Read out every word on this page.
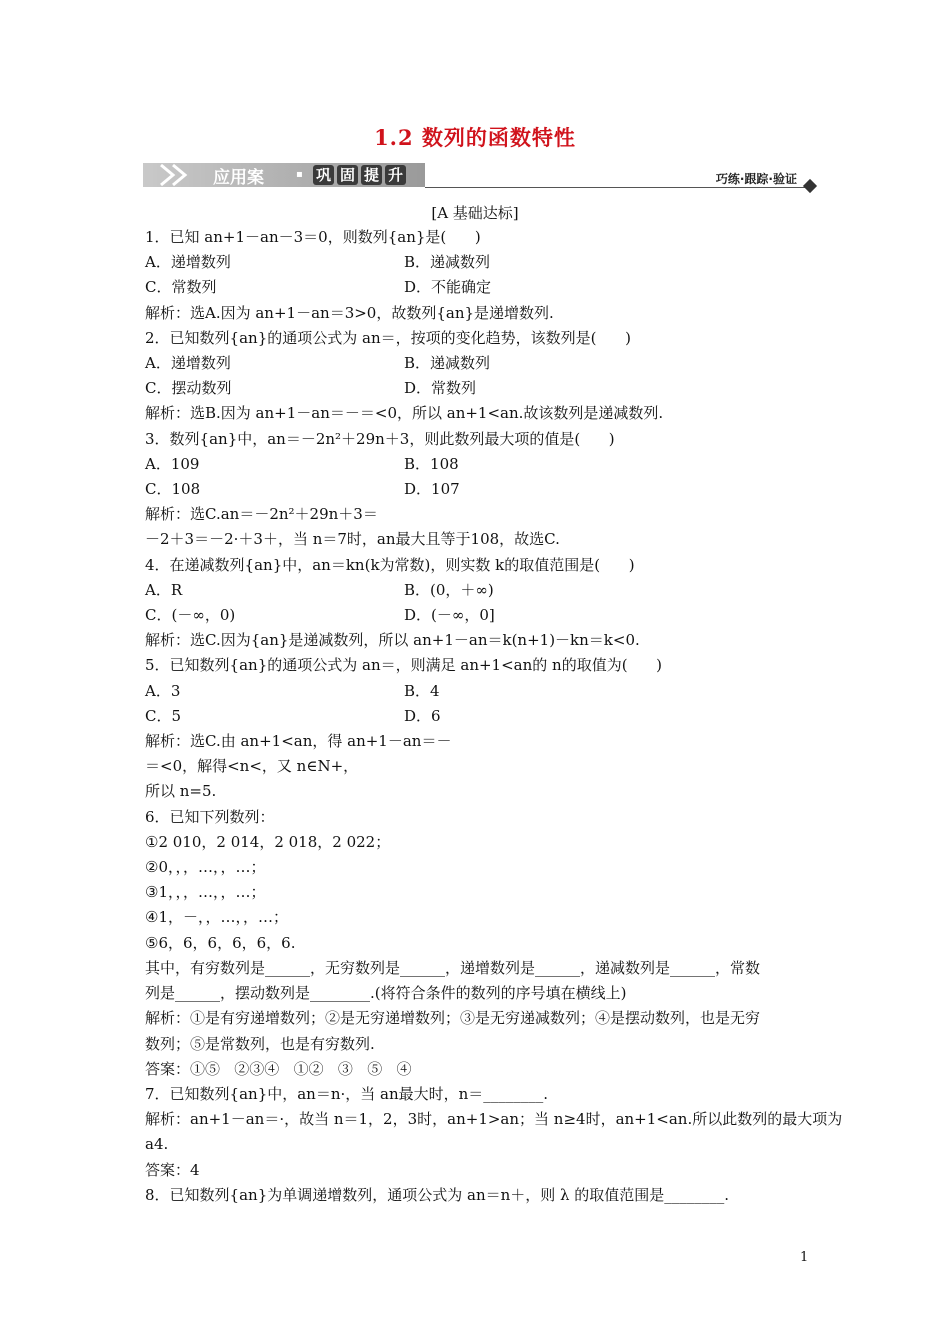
1.2 数列的函数特性
应用案	▪ 巩 固 提 升	巧练·跟踪·验证
[A 基础达标]
1．已知 an+1－an－3＝0，则数列{an}是(      )
A．递增数列	B．递减数列
C．常数列	D．不能确定
解析：选A.因为 an+1－an＝3>0，故数列{an}是递增数列.
2．已知数列{an}的通项公式为 an＝，按项的变化趋势，该数列是(      )
A．递增数列	B．递减数列
C．摆动数列	D．常数列
解析：选B.因为 an+1－an＝－＝<0，所以 an+1<an.故该数列是递减数列.
3．数列{an}中，an＝－2n²＋29n＋3，则此数列最大项的值是(      )
A．109	B．108
C．108	D．107
解析：选C.an＝－2n²＋29n＋3＝
－2＋3＝－2·＋3＋，当 n＝7时，an最大且等于108，故选C.
4．在递减数列{an}中，an＝kn(k为常数)，则实数 k的取值范围是(      )
A．R	B．(0，＋∞)
C．(－∞，0)	D．(－∞，0]
解析：选C.因为{an}是递减数列，所以 an+1－an＝k(n+1)－kn＝k<0.
5．已知数列{an}的通项公式为 an＝，则满足 an+1<an的 n的取值为(      )
A．3	B．4
C．5	D．6
解析：选C.由 an+1<an，得 an+1－an＝－
＝<0，解得<n<，又 n∈N+，
所以 n=5.
6．已知下列数列：
①2 010，2 014，2 018，2 022；
②0，，，…，，…；
③1，，，…，，…；
④1，－，，…，，…；
⑤6，6，6，6，6，6.
其中，有穷数列是______，无穷数列是______，递增数列是______，递减数列是______，常数
列是______，摆动数列是________.(将符合条件的数列的序号填在横线上)
解析：①是有穷递增数列；②是无穷递增数列；③是无穷递减数列；④是摆动数列，也是无穷
数列；⑤是常数列，也是有穷数列.
答案：①⑤   ②③④   ①②   ③   ⑤   ④
7．已知数列{an}中，an＝n·，当 an最大时，n＝________.
解析：an+1－an＝·，故当 n＝1，2，3时，an+1>an；当 n≥4时，an+1<an.所以此数列的最大项为
a4.
答案：4
8．已知数列{an}为单调递增数列，通项公式为 an＝n＋，则 λ 的取值范围是________.
1
